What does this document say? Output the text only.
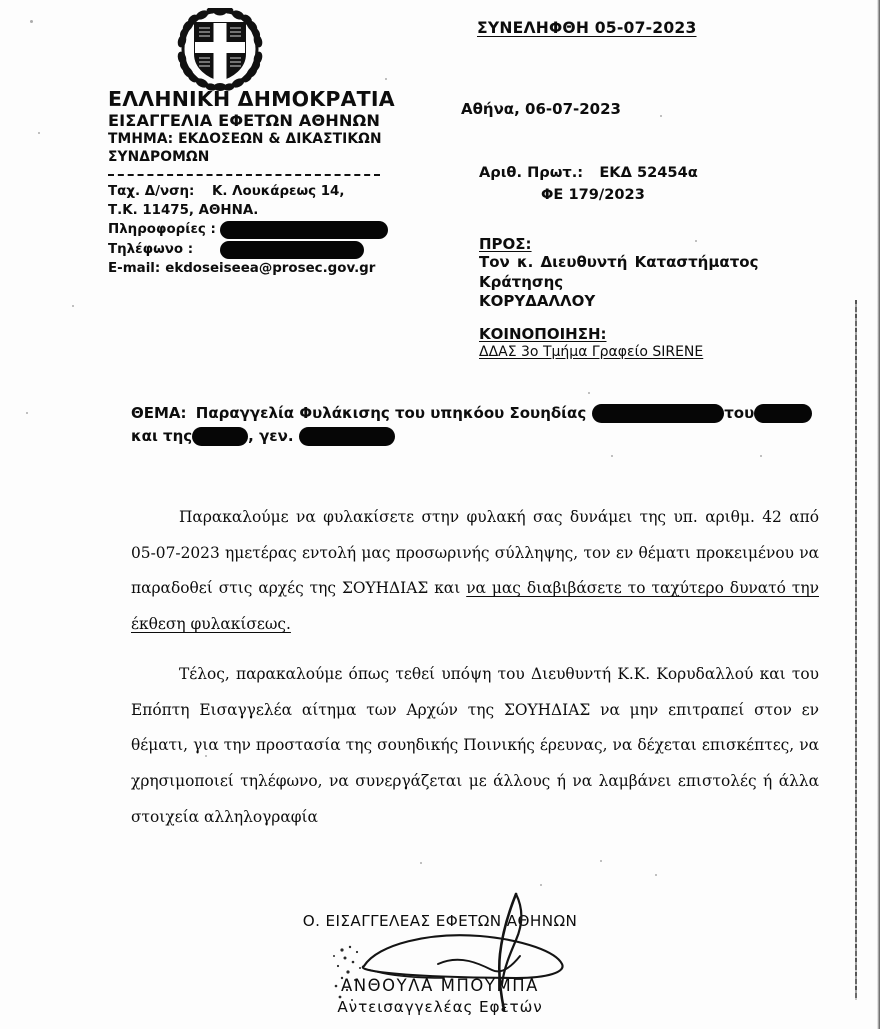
ΣΥΝΕΛΗΦΘΗ 05-07-2023
ΕΛΛΗΝΙΚΗ ΔΗΜΟΚΡΑΤΙΑ
ΕΙΣΑΓΓΕΛΙΑ ΕΦΕΤΩΝ ΑΘΗΝΩΝ
ΤΜΗΜΑ: ΕΚΔΟΣΕΩΝ & ΔΙΚΑΣΤΙΚΩΝ
ΣΥΝΔΡΟΜΩΝ
Ταχ. Δ/νση:	Κ. Λουκάρεως 14,
Τ.Κ. 11475, ΑΘΗΝΑ.
Πληροφορίες :
Τηλέφωνο :
E-mail: ekdoseiseea@prosec.gov.gr
Αθήνα, 06-07-2023
Αριθ. Πρωτ.: ΕΚΔ 52454α
ΦΕ 179/2023
ΠΡΟΣ:
Τον κ. Διευθυντή Καταστήματος Κράτησης
ΚΟΡΥΔΑΛΛΟΥ
ΚΟΙΝΟΠΟΙΗΣΗ:
ΔΔΑΣ 3ο Τμήμα Γραφείο SIRENE
ΘΕΜΑ: Παραγγελία Φυλάκισης του υπηκόου Σουηδίας	του
και της	, γεν.

Παρακαλούμε να φυλακίσετε στην φυλακή σας δυνάμει της υπ. αριθμ. 42 από 05-07-2023 ημετέρας εντολή μας προσωρινής σύλληψης, τον εν θέματι προκειμένου να παραδοθεί στις αρχές της ΣΟΥΗΔΙΑΣ και να μας διαβιβάσετε το ταχύτερο δυνατό την έκθεση φυλακίσεως.

Τέλος, παρακαλούμε όπως τεθεί υπόψη του Διευθυντή Κ.Κ. Κορυδαλλού και του Επόπτη Εισαγγελέα αίτημα των Αρχών της ΣΟΥΗΔΙΑΣ να μην επιτραπεί στον εν θέματι, για την προστασία της σουηδικής Ποινικής έρευνας, να δέχεται επισκέπτες, να χρησιμοποιεί τηλέφωνο, να συνεργάζεται με άλλους ή να λαμβάνει επιστολές ή άλλα στοιχεία αλληλογραφία

Ο. ΕΙΣΑΓΓΕΛΕΑΣ ΕΦΕΤΩΝ ΑΘΗΝΩΝ
ΑΝΘΟΥΛΑ ΜΠΟΥΜΠΑ
Αντεισαγγελέας Εφετών
